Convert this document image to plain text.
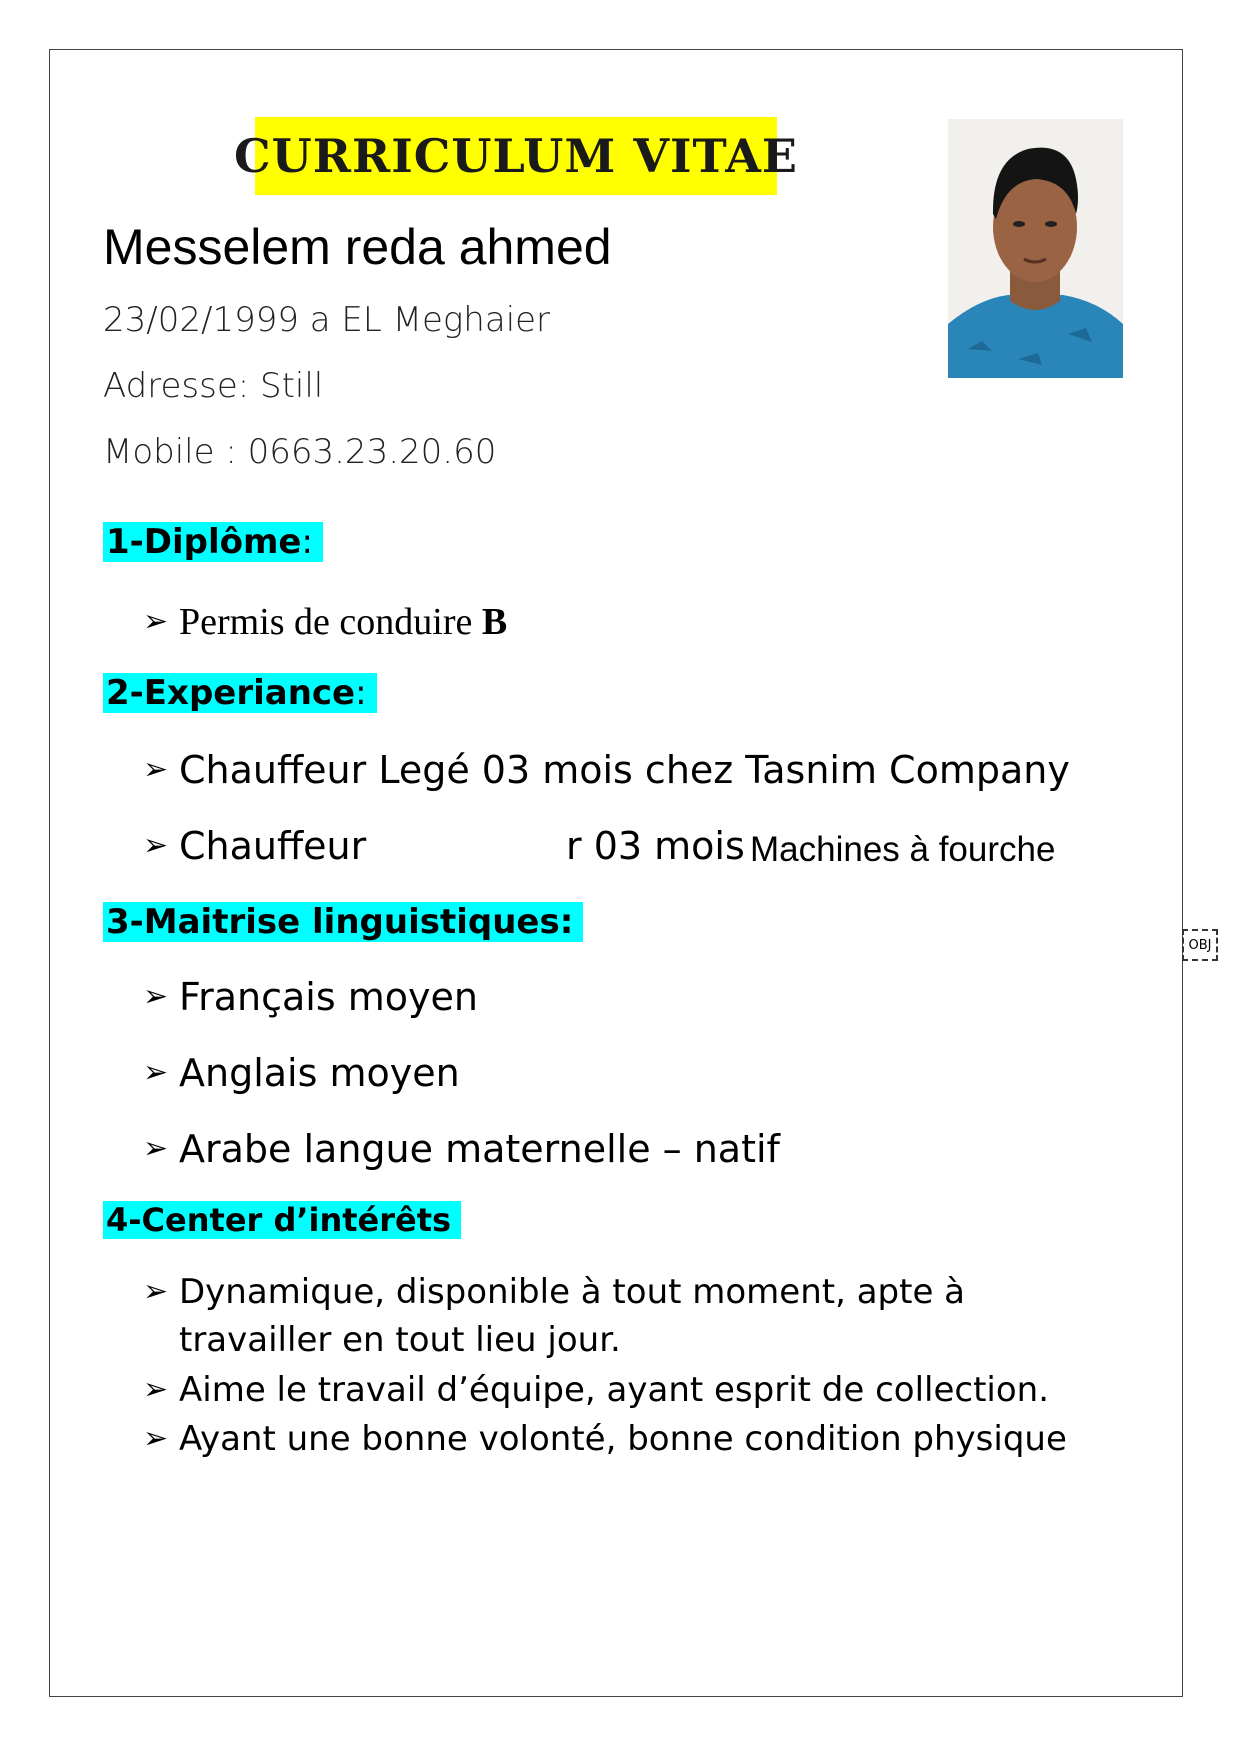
CURRICULUM VITAE
Messelem reda ahmed
23/02/1999 a EL Meghaier
Adresse: Still
Mobile : 0663.23.20.60
1-Diplôme:
➢ Permis de conduire B
2-Experiance:
➢ Chauffeur Legé 03 mois chez Tasnim Company
➢ Chauffeur	r 03 mois Machines à fourche
3-Maitrise linguistiques:
➢ Français moyen
➢ Anglais moyen
➢ Arabe langue maternelle – natif
4-Center d’intérêts
➢ Dynamique, disponible à tout moment, apte à
travailler en tout lieu jour.
➢ Aime le travail d’équipe, ayant esprit de collection.
➢ Ayant une bonne volonté, bonne condition physique
OBJ
